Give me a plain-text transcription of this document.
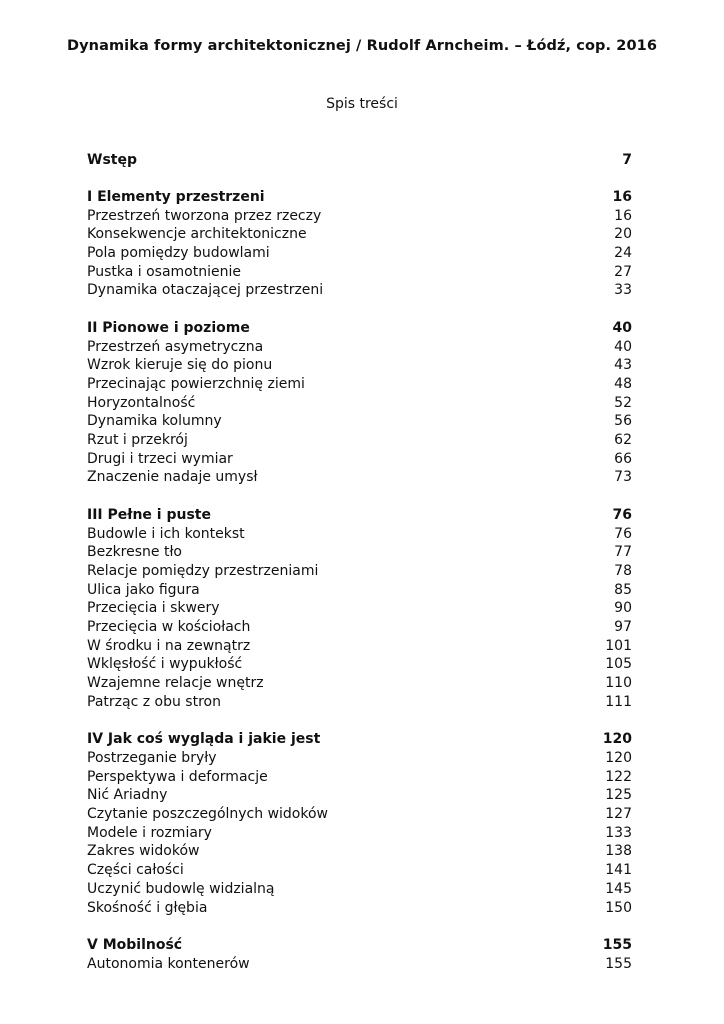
Dynamika formy architektonicznej / Rudolf Arncheim. – Łódź, cop. 2016
Spis treści
Wstęp	7
I Elementy przestrzeni	16
Przestrzeń tworzona przez rzeczy	16
Konsekwencje architektoniczne	20
Pola pomiędzy budowlami	24
Pustka i osamotnienie	27
Dynamika otaczającej przestrzeni	33
II Pionowe i poziome	40
Przestrzeń asymetryczna	40
Wzrok kieruje się do pionu	43
Przecinając powierzchnię ziemi	48
Horyzontalność	52
Dynamika kolumny	56
Rzut i przekrój	62
Drugi i trzeci wymiar	66
Znaczenie nadaje umysł	73
III Pełne i puste	76
Budowle i ich kontekst	76
Bezkresne tło	77
Relacje pomiędzy przestrzeniami	78
Ulica jako figura	85
Przecięcia i skwery	90
Przecięcia w kościołach	97
W środku i na zewnątrz	101
Wklęsłość i wypukłość	105
Wzajemne relacje wnętrz	110
Patrząc z obu stron	111
IV Jak coś wygląda i jakie jest	120
Postrzeganie bryły	120
Perspektywa i deformacje	122
Nić Ariadny	125
Czytanie poszczególnych widoków	127
Modele i rozmiary	133
Zakres widoków	138
Części całości	141
Uczynić budowlę widzialną	145
Skośność i głębia	150
V Mobilność	155
Autonomia kontenerów	155
